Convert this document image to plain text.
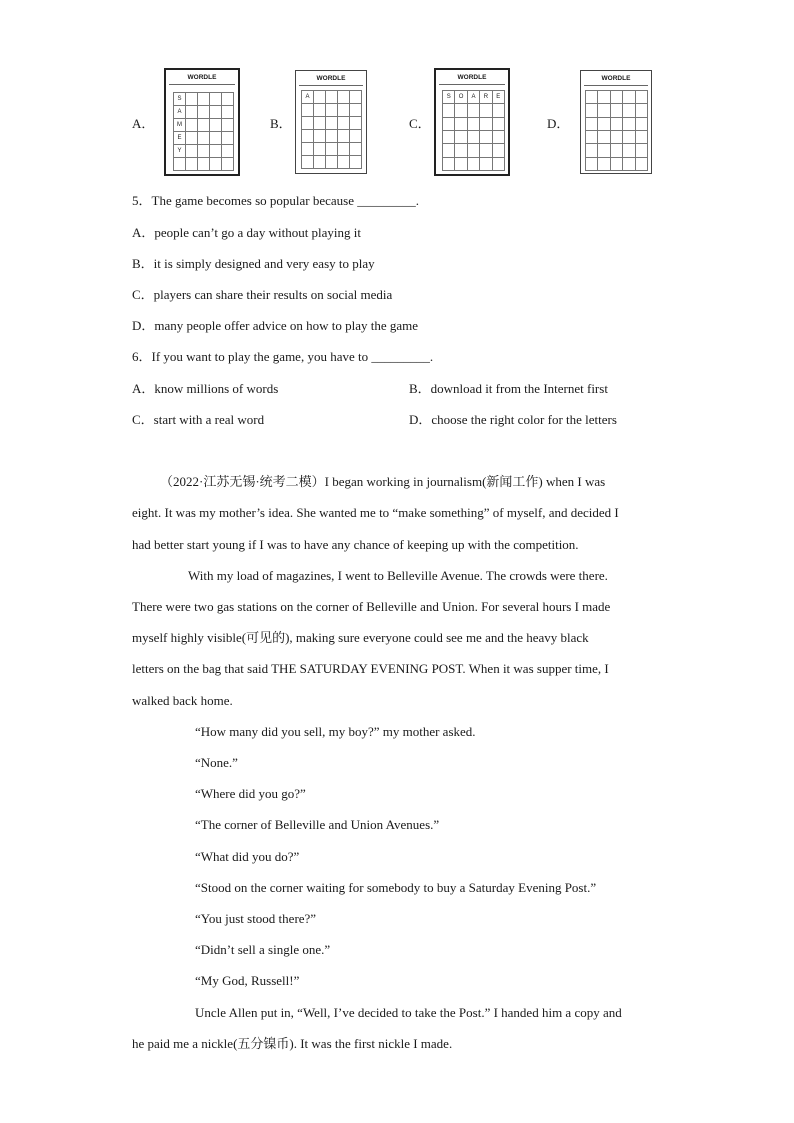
A．
WORDLE
S
A
M
E
Y
B．
WORDLE
A
C．
WORDLE
S	O	A	R	E
D．
WORDLE
5．The game becomes so popular because _________.
A．people can’t go a day without playing it
B．it is simply designed and very easy to play
C．players can share their results on social media
D．many people offer advice on how to play the game
6．If you want to play the game, you have to _________.
A．know millions of words	B．download it from the Internet first
C．start with a real word	D．choose the right color for the letters
（2022·江苏无锡·统考二模）I began working in journalism(新闻工作) when I was
eight. It was my mother’s idea. She wanted me to “make something” of myself, and decided I
had better start young if I was to have any chance of keeping up with the competition.
With my load of magazines, I went to Belleville Avenue. The crowds were there.
There were two gas stations on the corner of Belleville and Union. For several hours I made
myself highly visible(可见的), making sure everyone could see me and the heavy black
letters on the bag that said THE SATURDAY EVENING POST. When it was supper time, I
walked back home.
“How many did you sell, my boy?” my mother asked.
“None.”
“Where did you go?”
“The corner of Belleville and Union Avenues.”
“What did you do?”
“Stood on the corner waiting for somebody to buy a Saturday Evening Post.”
“You just stood there?”
“Didn’t sell a single one.”
“My God, Russell!”
Uncle Allen put in, “Well, I’ve decided to take the Post.” I handed him a copy and
he paid me a nickle(五分镍币). It was the first nickle I made.
